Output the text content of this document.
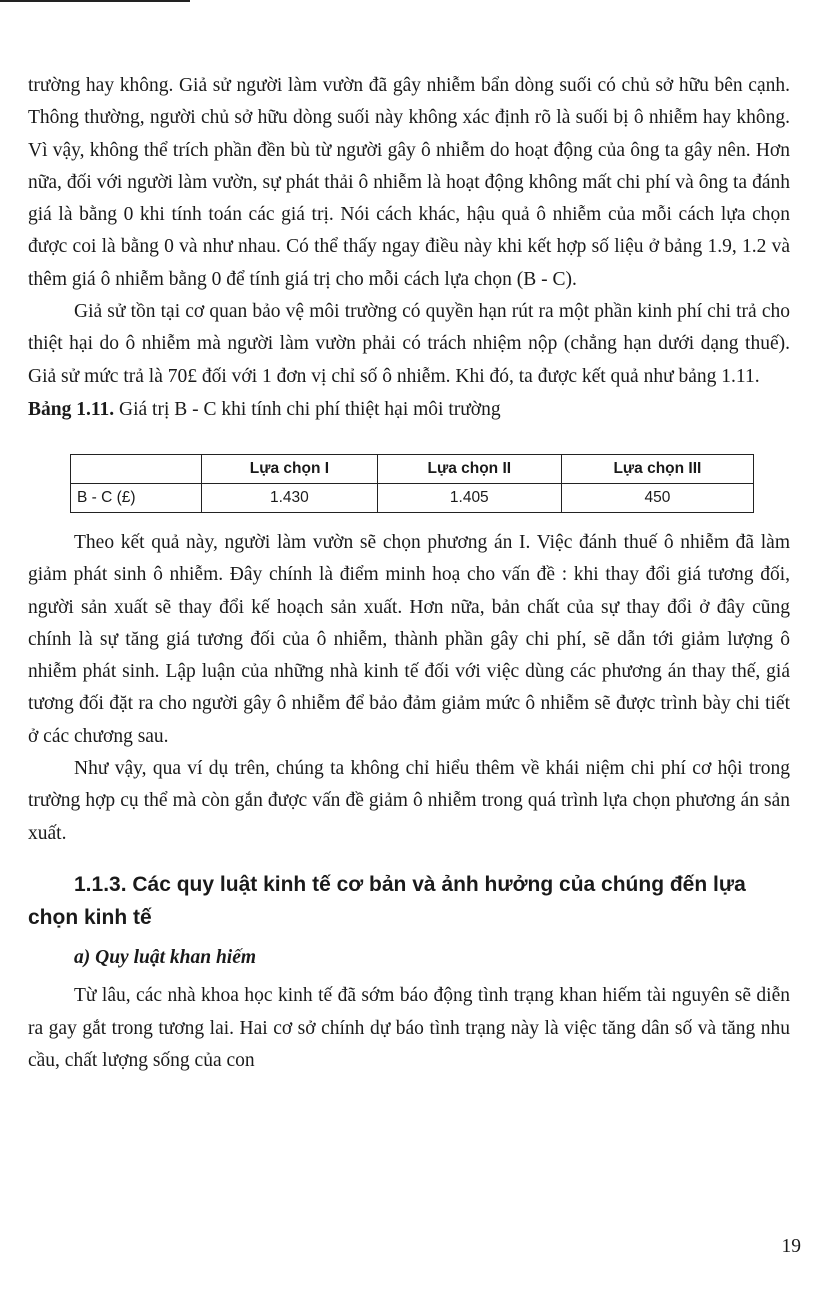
trường hay không. Giả sử người làm vườn đã gây nhiễm bẩn dòng suối có chủ sở hữu bên cạnh. Thông thường, người chủ sở hữu dòng suối này không xác định rõ là suối bị ô nhiễm hay không. Vì vậy, không thể trích phần đền bù từ người gây ô nhiễm do hoạt động của ông ta gây nên. Hơn nữa, đối với người làm vườn, sự phát thải ô nhiễm là hoạt động không mất chi phí và ông ta đánh giá là bằng 0 khi tính toán các giá trị. Nói cách khác, hậu quả ô nhiễm của mỗi cách lựa chọn được coi là bằng 0 và như nhau. Có thể thấy ngay điều này khi kết hợp số liệu ở bảng 1.9, 1.2 và thêm giá ô nhiễm bằng 0 để tính giá trị cho mỗi cách lựa chọn (B - C).

Giả sử tồn tại cơ quan bảo vệ môi trường có quyền hạn rút ra một phần kinh phí chi trả cho thiệt hại do ô nhiễm mà người làm vườn phải có trách nhiệm nộp (chẳng hạn dưới dạng thuế). Giả sử mức trả là 70£ đối với 1 đơn vị chỉ số ô nhiễm. Khi đó, ta được kết quả như bảng 1.11.

Bảng 1.11. Giá trị B - C khi tính chi phí thiệt hại môi trường
	Lựa chọn I	Lựa chọn II	Lựa chọn III
B - C (£)	1.430	1.405	450

Theo kết quả này, người làm vườn sẽ chọn phương án I. Việc đánh thuế ô nhiễm đã làm giảm phát sinh ô nhiễm. Đây chính là điểm minh hoạ cho vấn đề : khi thay đổi giá tương đối, người sản xuất sẽ thay đổi kế hoạch sản xuất. Hơn nữa, bản chất của sự thay đổi ở đây cũng chính là sự tăng giá tương đối của ô nhiễm, thành phần gây chi phí, sẽ dẫn tới giảm lượng ô nhiễm phát sinh. Lập luận của những nhà kinh tế đối với việc dùng các phương án thay thế, giá tương đối đặt ra cho người gây ô nhiễm để bảo đảm giảm mức ô nhiễm sẽ được trình bày chi tiết ở các chương sau.

Như vậy, qua ví dụ trên, chúng ta không chỉ hiểu thêm về khái niệm chi phí cơ hội trong trường hợp cụ thể mà còn gắn được vấn đề giảm ô nhiễm trong quá trình lựa chọn phương án sản xuất.

1.1.3. Các quy luật kinh tế cơ bản và ảnh hưởng của chúng đến lựa chọn kinh tế

a) Quy luật khan hiếm

Từ lâu, các nhà khoa học kinh tế đã sớm báo động tình trạng khan hiếm tài nguyên sẽ diễn ra gay gắt trong tương lai. Hai cơ sở chính dự báo tình trạng này là việc tăng dân số và tăng nhu cầu, chất lượng sống của con

19
